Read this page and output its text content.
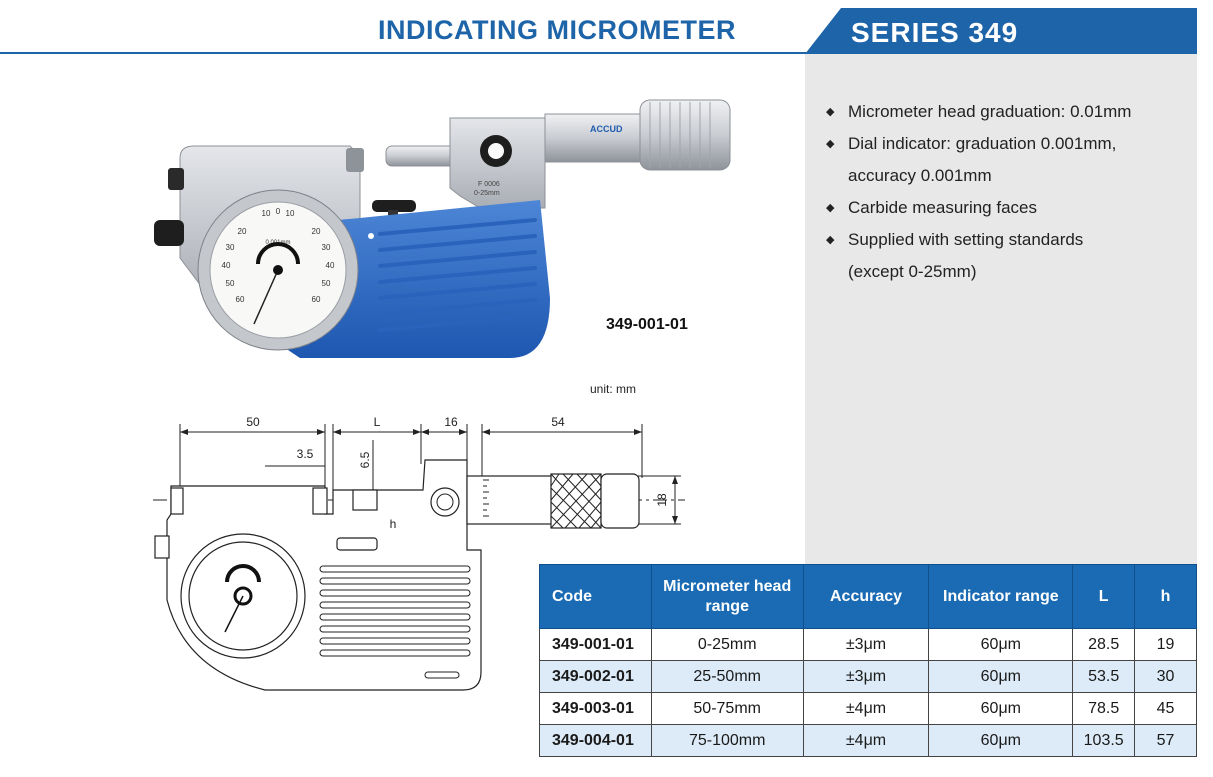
INDICATING MICROMETER	SERIES 349
◆ Micrometer head graduation: 0.01mm
◆ Dial indicator: graduation 0.001mm,
accuracy 0.001mm
◆ Carbide measuring faces
◆ Supplied with setting standards
(except 0-25mm)
F 0006
0-25mm
ACCUD
10 0 10
20
30
40
50
60
20
30
40
50
60
0.001mm
349-001-01
unit: mm
50	L	16	54
3.5
h
6.5
18
Code	Micrometer head range	Accuracy	Indicator range	L	h
349-001-01	0-25mm	±3μm	60μm	28.5	19
349-002-01	25-50mm	±3μm	60μm	53.5	30
349-003-01	50-75mm	±4μm	60μm	78.5	45
349-004-01	75-100mm	±4μm	60μm	103.5	57
